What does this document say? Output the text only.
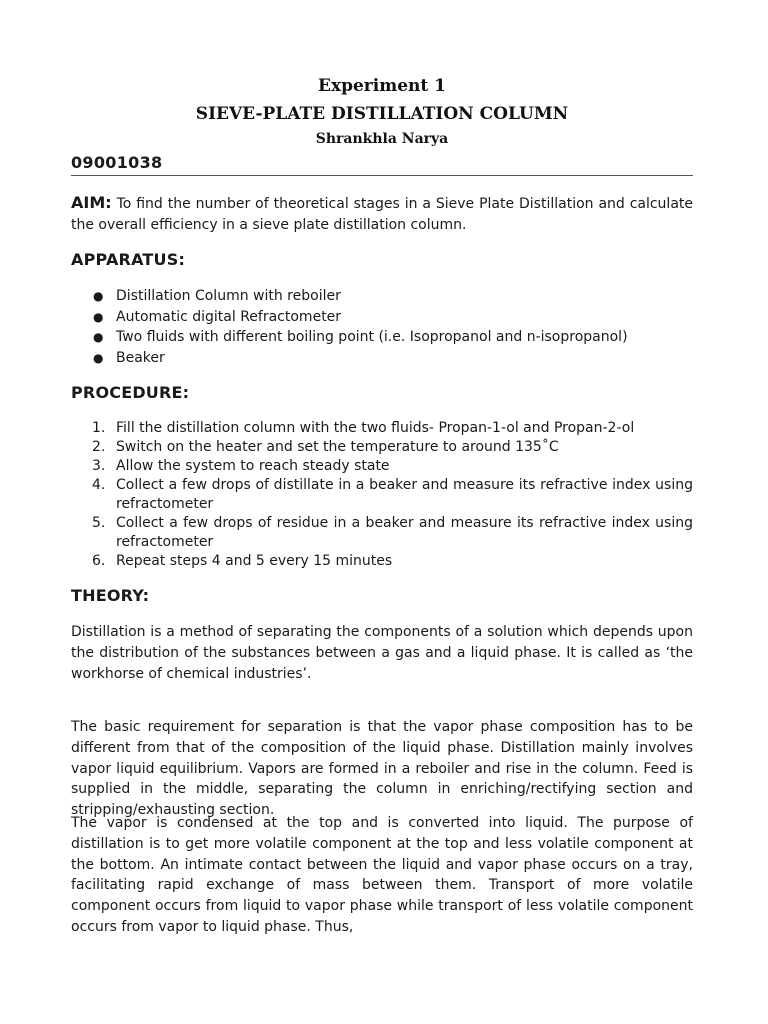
Experiment 1
SIEVE-PLATE DISTILLATION COLUMN
Shrankhla Narya
09001038
AIM: To find the number of theoretical stages in a Sieve Plate Distillation and calculate the overall efficiency in a sieve plate distillation column.
APPARATUS:
● Distillation Column with reboiler
● Automatic digital Refractometer
● Two fluids with different boiling point (i.e. Isopropanol and n-isopropanol)
● Beaker
PROCEDURE:
1. Fill the distillation column with the two fluids- Propan-1-ol and Propan-2-ol
2. Switch on the heater and set the temperature to around 135˚C
3. Allow the system to reach steady state
4. Collect a few drops of distillate in a beaker and measure its refractive index using refractometer
5. Collect a few drops of residue in a beaker and measure its refractive index using refractometer
6. Repeat steps 4 and 5 every 15 minutes
THEORY:
Distillation is a method of separating the components of a solution which depends upon the distribution of the substances between a gas and a liquid phase. It is called as ‘the workhorse of chemical industries’.
The basic requirement for separation is that the vapor phase composition has to be different from that of the composition of the liquid phase. Distillation mainly involves vapor liquid equilibrium. Vapors are formed in a reboiler and rise in the column. Feed is supplied in the middle, separating the column in enriching/rectifying section and stripping/exhausting section.
The vapor is condensed at the top and is converted into liquid. The purpose of distillation is to get more volatile component at the top and less volatile component at the bottom. An intimate contact between the liquid and vapor phase occurs on a tray, facilitating rapid exchange of mass between them. Transport of more volatile component occurs from liquid to vapor phase while transport of less volatile component occurs from vapor to liquid phase. Thus,
